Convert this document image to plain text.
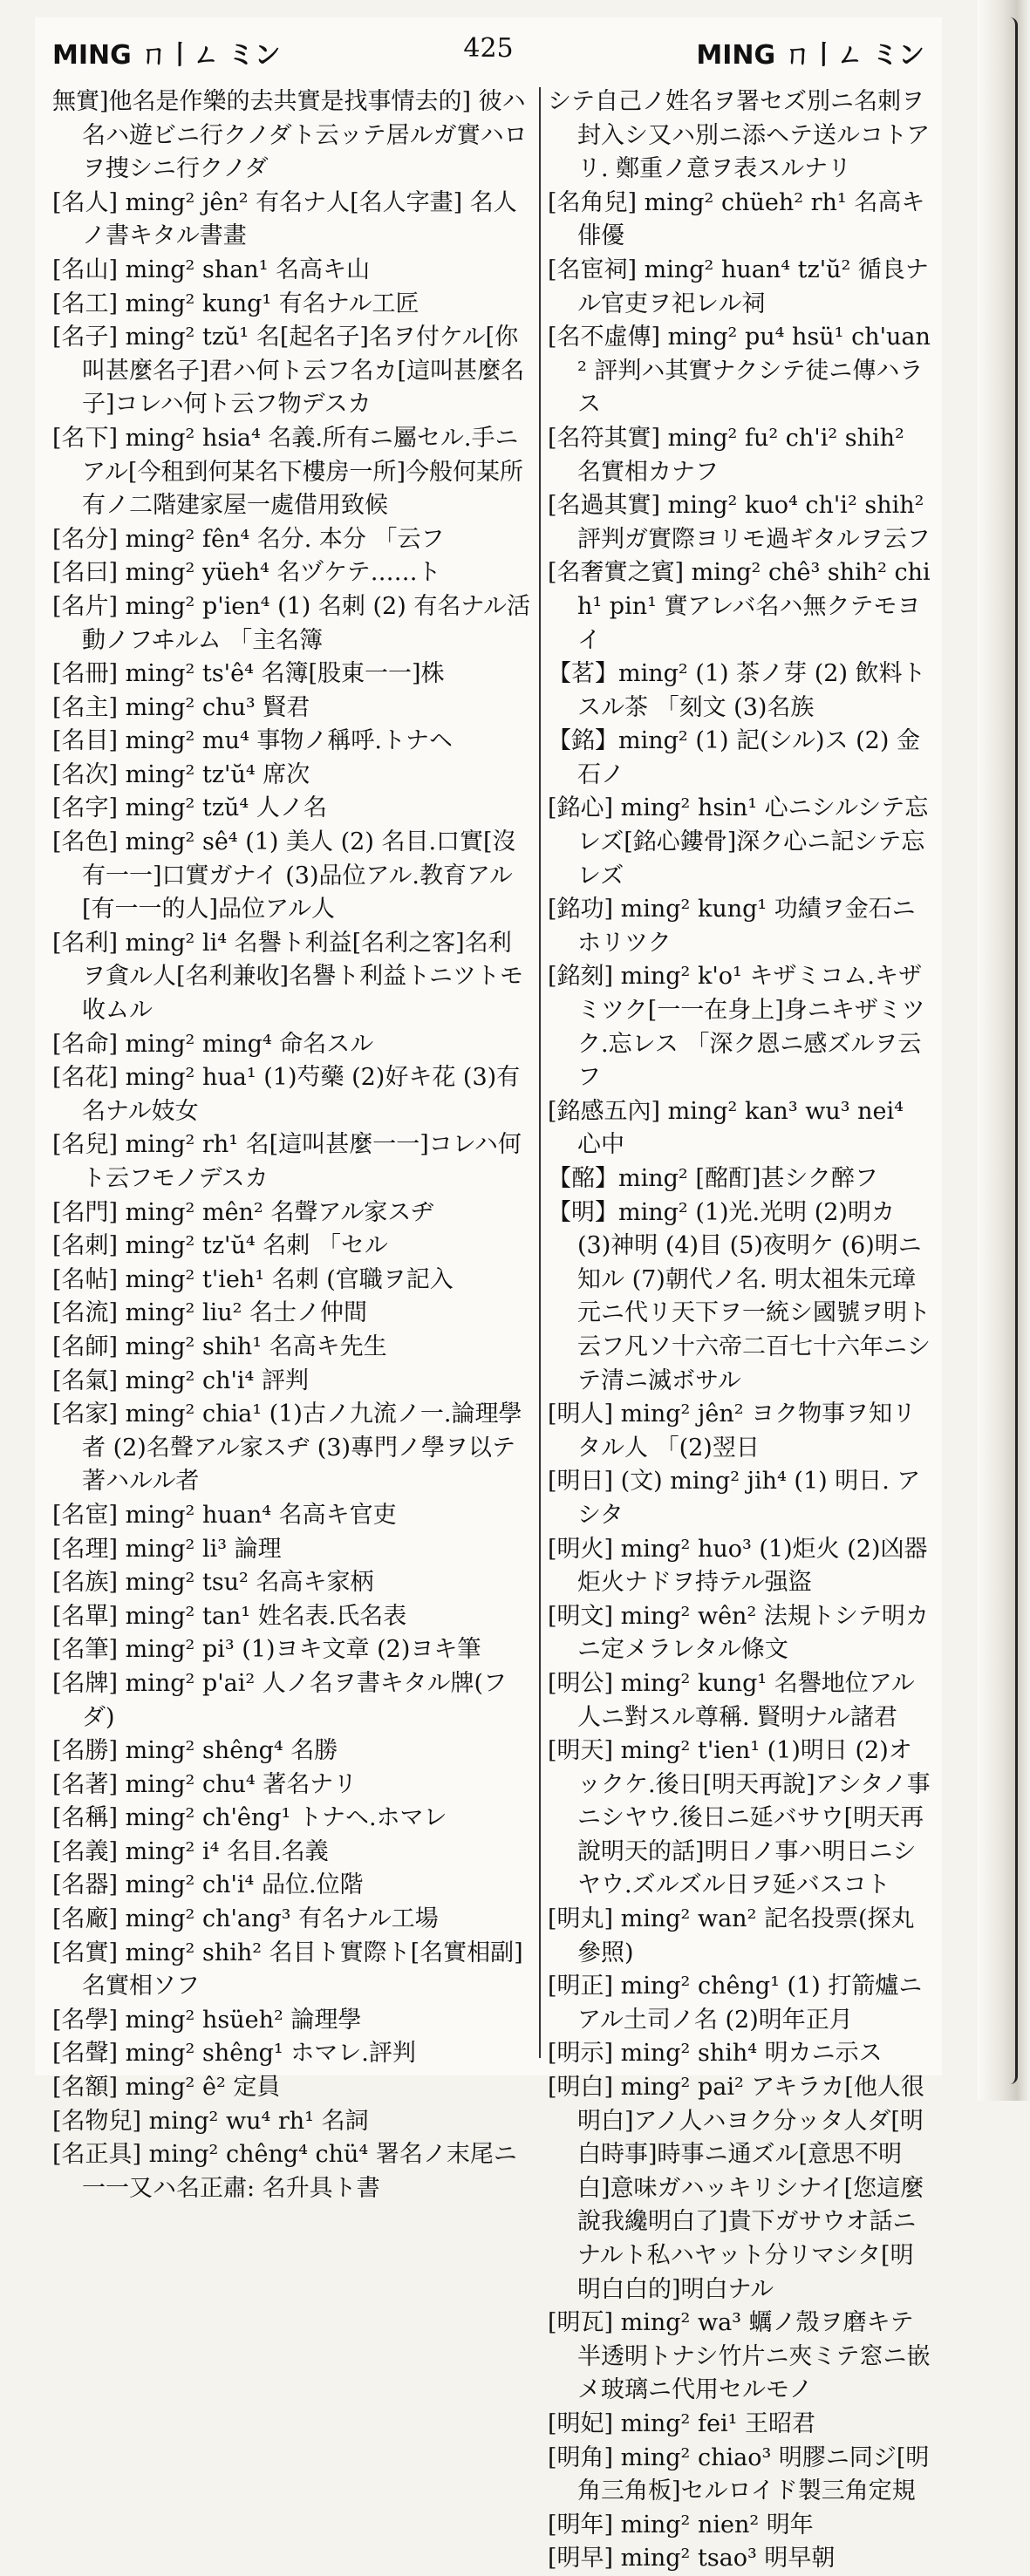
MING ㄇ丨ㄥ ミン	425	MING ㄇ丨ㄥ ミン

無實]他名是作樂的去共實是找事情去的] 彼ハ名ハ遊ビニ行クノダト云ッテ居ルガ實ハロヲ捜シニ行クノダ

[名人] ming² jên² 有名ナ人[名人字畫] 名人ノ書キタル書畫

[名山] ming² shan¹ 名高キ山

[名工] ming² kung¹ 有名ナル工匠

[名子] ming² tzŭ¹ 名[起名子]名ヲ付ケル[你叫甚麼名子]君ハ何ト云フ名カ[這叫甚麼名子]コレハ何ト云フ物デスカ

[名下] ming² hsia⁴ 名義.所有ニ屬セル.手ニアル[今租到何某名下樓房一所]今般何某所有ノ二階建家屋一處借用致候

[名分] ming² fên⁴ 名分. 本分 「云フ

[名曰] ming² yüeh⁴ 名ヅケテ……ト

[名片] ming² p'ien⁴ (1) 名刺 (2) 有名ナル活動ノフヰルム 「主名簿

[名冊] ming² ts'ê⁴ 名簿[股東一一]株

[名主] ming² chu³ 賢君

[名目] ming² mu⁴ 事物ノ稱呼.トナヘ

[名次] ming² tz'ŭ⁴ 席次

[名字] ming² tzŭ⁴ 人ノ名

[名色] ming² sê⁴ (1) 美人 (2) 名目.口實[沒有一一]口實ガナイ (3)品位アル.教育アル[有一一的人]品位アル人

[名利] ming² li⁴ 名譽ト利益[名利之客]名利ヲ貪ル人[名利兼收]名譽ト利益トニツトモ收ムル

[名命] ming² ming⁴ 命名スル

[名花] ming² hua¹ (1)芍藥 (2)好キ花 (3)有名ナル妓女

[名兒] ming² rh¹ 名[這叫甚麼一一]コレハ何ト云フモノデスカ

[名門] ming² mên² 名聲アル家スヂ

[名刺] ming² tz'ŭ⁴ 名刺 「セル

[名帖] ming² t'ieh¹ 名刺 (官職ヲ記入

[名流] ming² liu² 名士ノ仲間

[名師] ming² shih¹ 名高キ先生

[名氣] ming² ch'i⁴ 評判

[名家] ming² chia¹ (1)古ノ九流ノ一.論理學者 (2)名聲アル家スヂ (3)專門ノ學ヲ以テ著ハルル者

[名宦] ming² huan⁴ 名高キ官吏

[名理] ming² li³ 論理

[名族] ming² tsu² 名高キ家柄

[名單] ming² tan¹ 姓名表.氏名表

[名筆] ming² pi³ (1)ヨキ文章 (2)ヨキ筆

[名牌] ming² p'ai² 人ノ名ヲ書キタル牌(フダ)

[名勝] ming² shêng⁴ 名勝

[名著] ming² chu⁴ 著名ナリ

[名稱] ming² ch'êng¹ トナヘ.ホマレ

[名義] ming² i⁴ 名目.名義

[名器] ming² ch'i⁴ 品位.位階

[名廠] ming² ch'ang³ 有名ナル工場

[名實] ming² shih² 名目ト實際ト[名實相副]名實相ソフ

[名學] ming² hsüeh² 論理學

[名聲] ming² shêng¹ ホマレ.評判

[名額] ming² ê² 定員

[名物兒] ming² wu⁴ rh¹ 名詞

[名正具] ming² chêng⁴ chü⁴ 署名ノ末尾ニ一一又ハ名正肅: 名升具ト書

シテ自己ノ姓名ヲ署セズ別ニ名刺ヲ封入シ又ハ別ニ添ヘテ送ルコトアリ. 鄭重ノ意ヲ表スルナリ

[名角兒] ming² chüeh² rh¹ 名高キ俳優

[名宦祠] ming² huan⁴ tz'ŭ² 循良ナル官吏ヲ祀レル祠

[名不虛傳] ming² pu⁴ hsü¹ ch'uan² 評判ハ其實ナクシテ徒ニ傳ハラス

[名符其實] ming² fu² ch'i² shih² 名實相カナフ

[名過其實] ming² kuo⁴ ch'i² shih² 評判ガ實際ヨリモ過ギタルヲ云フ

[名奢實之賓] ming² chê³ shih² chih¹ pin¹ 實アレバ名ハ無クテモヨイ

【茗】ming² (1) 茶ノ芽 (2) 飲料トスル茶 「刻文 (3)名族

【銘】ming² (1) 記(シル)ス (2) 金石ノ

[銘心] ming² hsin¹ 心ニシルシテ忘レズ[銘心鏤骨]深ク心ニ記シテ忘レズ

[銘功] ming² kung¹ 功績ヲ金石ニホリツク

[銘刻] ming² k'o¹ キザミコム.キザミツク[一一在身上]身ニキザミツク.忘レス 「深ク恩ニ感ズルヲ云フ

[銘感五內] ming² kan³ wu³ nei⁴ 心中

【酩】ming² [酩酊]甚シク醉フ

【明】ming² (1)光.光明 (2)明カ (3)神明 (4)目 (5)夜明ケ (6)明ニ知ル (7)朝代ノ名. 明太祖朱元璋元ニ代リ天下ヲ一統シ國號ヲ明ト云フ凡ソ十六帝二百七十六年ニシテ清ニ滅ボサル

[明人] ming² jên² ヨク物事ヲ知リタル人 「(2)翌日

[明日] (文) ming² jih⁴ (1) 明日. アシタ

[明火] ming² huo³ (1)炬火 (2)凶器炬火ナドヲ持テル强盜

[明文] ming² wên² 法規トシテ明カニ定メラレタル條文

[明公] ming² kung¹ 名譽地位アル人ニ對スル尊稱. 賢明ナル諸君

[明天] ming² t'ien¹ (1)明日 (2)オックケ.後日[明天再說]アシタノ事ニシヤウ.後日ニ延バサウ[明天再說明天的話]明日ノ事ハ明日ニシヤウ.ズルズル日ヲ延バスコト

[明丸] ming² wan² 記名投票(探丸參照)

[明正] ming² chêng¹ (1) 打箭爐ニアル土司ノ名 (2)明年正月

[明示] ming² shih⁴ 明カニ示ス

[明白] ming² pai² アキラカ[他人很明白]アノ人ハヨク分ッタ人ダ[明白時事]時事ニ通ズル[意思不明白]意味ガハッキリシナイ[您這麼說我纔明白了]貴下ガサウオ話ニナルト私ハヤット分リマシタ[明明白白的]明白ナル

[明瓦] ming² wa³ 蠣ノ殼ヲ磨キテ半透明トナシ竹片ニ夾ミテ窓ニ嵌メ玻璃ニ代用セルモノ

[明妃] ming² fei¹ 王昭君

[明角] ming² chiao³ 明膠ニ同ジ[明角三角板]セルロイド製三角定規

[明年] ming² nien² 明年

[明早] ming² tsao³ 明早朝
